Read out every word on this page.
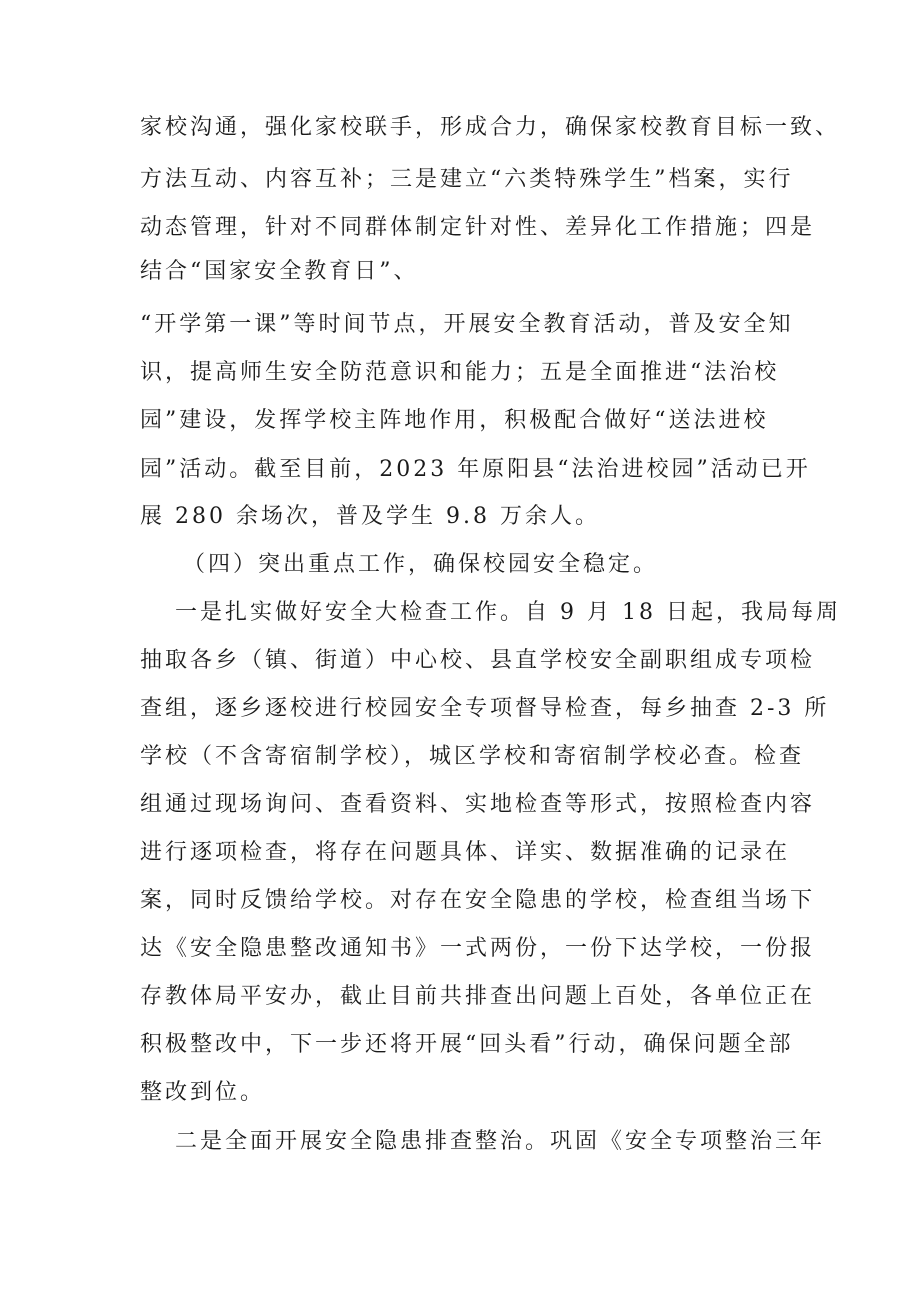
家校沟通，强化家校联手，形成合力，确保家校教育目标一致、
方法互动、内容互补；三是建立“六类特殊学生”档案，实行
动态管理，针对不同群体制定针对性、差异化工作措施；四是
结合“国家安全教育日”、
“开学第一课”等时间节点，开展安全教育活动，普及安全知
识，提高师生安全防范意识和能力；五是全面推进“法治校
园”建设，发挥学校主阵地作用，积极配合做好“送法进校
园”活动。截至目前，2023 年原阳县“法治进校园”活动已开
展 280 余场次，普及学生 9.8 万余人。
（四）突出重点工作，确保校园安全稳定。
一是扎实做好安全大检查工作。自 9 月 18 日起，我局每周
抽取各乡（镇、街道）中心校、县直学校安全副职组成专项检
查组，逐乡逐校进行校园安全专项督导检查，每乡抽查 2-3 所
学校（不含寄宿制学校），城区学校和寄宿制学校必查。检查
组通过现场询问、查看资料、实地检查等形式，按照检查内容
进行逐项检查，将存在问题具体、详实、数据准确的记录在
案，同时反馈给学校。对存在安全隐患的学校，检查组当场下
达《安全隐患整改通知书》一式两份，一份下达学校，一份报
存教体局平安办，截止目前共排查出问题上百处，各单位正在
积极整改中，下一步还将开展“回头看”行动，确保问题全部
整改到位。
二是全面开展安全隐患排查整治。巩固《安全专项整治三年
